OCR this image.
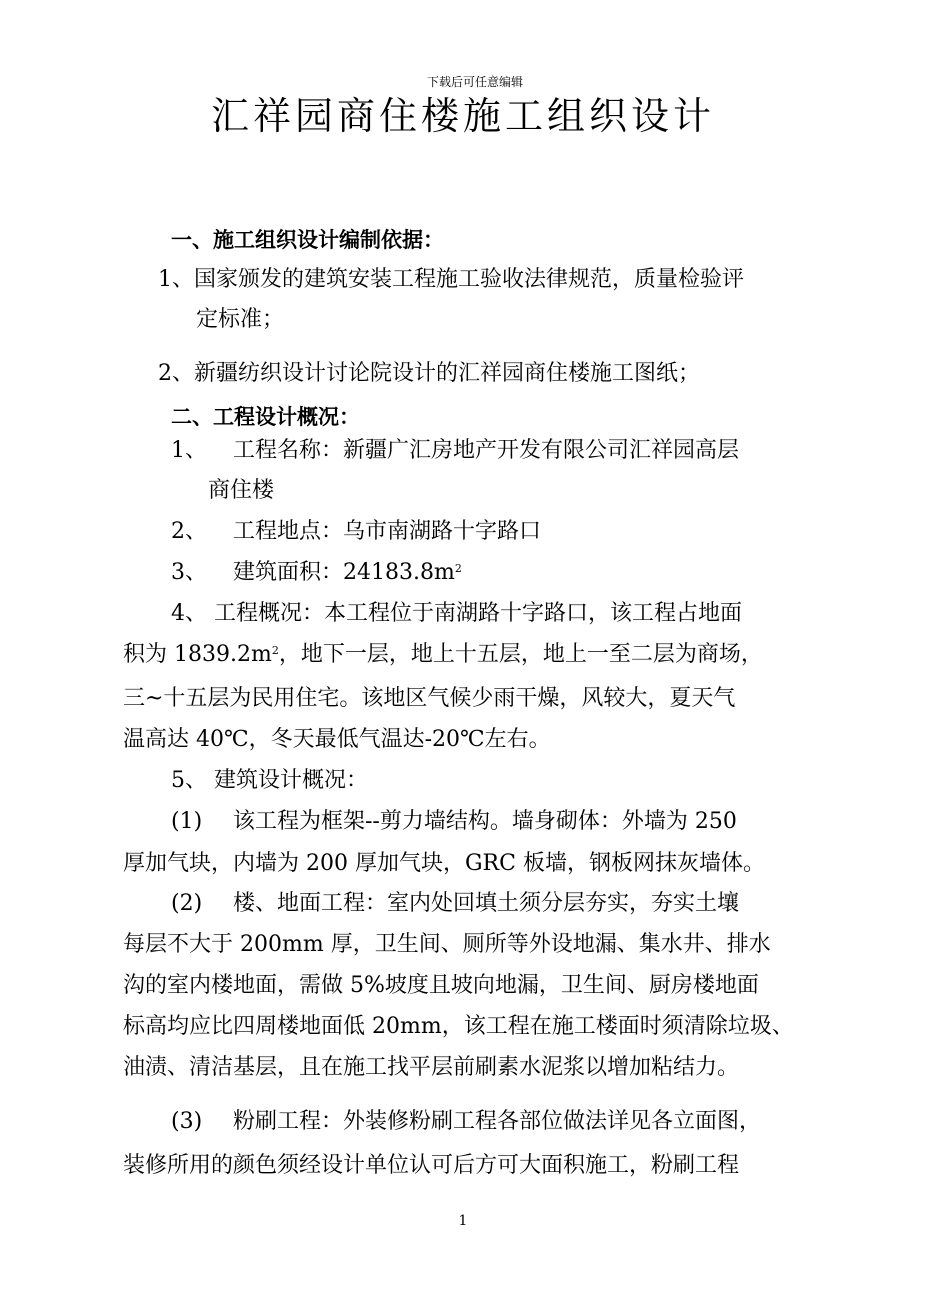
下载后可任意编辑
汇祥园商住楼施工组织设计
一、施工组织设计编制依据：
1、国家颁发的建筑安装工程施工验收法律规范，质量检验评
定标准；
2、新疆纺织设计讨论院设计的汇祥园商住楼施工图纸；
二、工程设计概况：
1、 工程名称：新疆广汇房地产开发有限公司汇祥园高层
商住楼
2、 工程地点：乌市南湖路十字路口
3、 建筑面积：$24183.8m^2$
4、 工程概况：本工程位于南湖路十字路口，该工程占地面
积为 $1839.2m^2$，地下一层，地上十五层，地上一至二层为商场，
三~十五层为民用住宅。该地区气候少雨干燥，风较大，夏天气
温高达 40℃，冬天最低气温达-20℃左右。
5、 建筑设计概况：
(1) 该工程为框架--剪力墙结构。墙身砌体：外墙为 250
厚加气块，内墙为 200 厚加气块，GRC 板墙，钢板网抹灰墙体。
(2) 楼、地面工程：室内处回填土须分层夯实，夯实土壤
每层不大于 200mm 厚，卫生间、厕所等外设地漏、集水井、排水
沟的室内楼地面，需做 5%坡度且坡向地漏，卫生间、厨房楼地面
标高均应比四周楼地面低 20mm，该工程在施工楼面时须清除垃圾、
油渍、清洁基层，且在施工找平层前刷素水泥浆以增加粘结力。
(3) 粉刷工程：外装修粉刷工程各部位做法详见各立面图，
装修所用的颜色须经设计单位认可后方可大面积施工，粉刷工程
1
